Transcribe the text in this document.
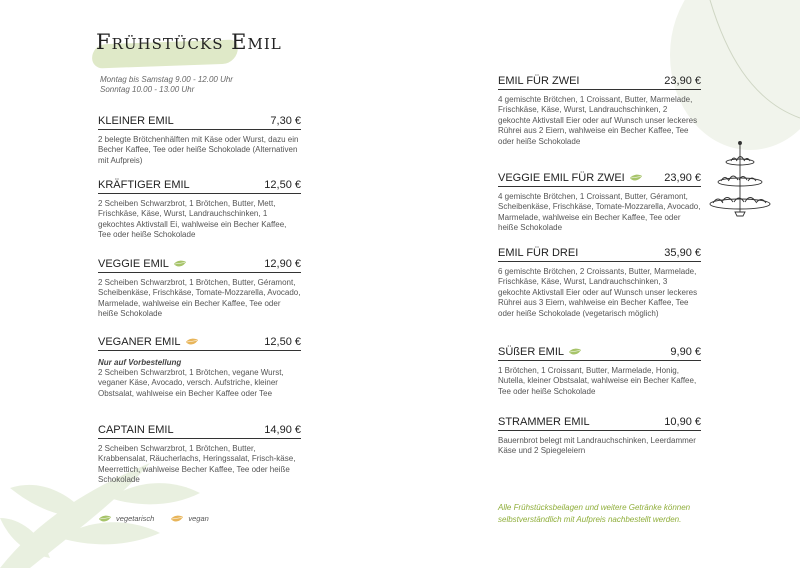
Frühstücks Emil
Montag bis Samstag 9.00 - 12.00 Uhr
Sonntag 10.00 - 13.00 Uhr
KLEINER EMIL	7,30 €
2 belegte Brötchenhälften mit Käse oder Wurst, dazu ein Becher Kaffee, Tee oder heiße Schokolade (Alternativen mit Aufpreis)
KRÄFTIGER EMIL	12,50 €
2 Scheiben Schwarzbrot, 1 Brötchen, Butter, Mett, Frischkäse, Käse, Wurst, Landrauchschinken, 1 gekochtes Aktivstall Ei, wahlweise ein Becher Kaffee, Tee oder heiße Schokolade
VEGGIE EMIL	12,90 €
2 Scheiben Schwarzbrot, 1 Brötchen, Butter, Géramont, Scheibenkäse, Frischkäse, Tomate-Mozzarella, Avocado, Marmelade, wahlweise ein Becher Kaffee, Tee oder heiße Schokolade
VEGANER EMIL	12,50 €
Nur auf Vorbestellung
2 Scheiben Schwarzbrot, 1 Brötchen, vegane Wurst, veganer Käse, Avocado, versch. Aufstriche, kleiner Obstsalat, wahlweise ein Becher Kaffee oder Tee
CAPTAIN EMIL	14,90 €
2 Scheiben Schwarzbrot, 1 Brötchen, Butter, Krabbensalat, Räucherlachs, Heringssalat, Frisch-käse, Meerrettich, wahlweise Becher Kaffee, Tee oder heiße Schokolade
EMIL FÜR ZWEI	23,90 €
4 gemischte Brötchen, 1 Croissant, Butter, Marmelade, Frischkäse, Käse, Wurst, Landrauchschinken, 2 gekochte Aktivstall Eier oder auf Wunsch unser leckeres Rührei aus 2 Eiern, wahlweise ein Becher Kaffee, Tee oder heiße Schokolade
VEGGIE EMIL FÜR ZWEI	23,90 €
4 gemischte Brötchen, 1 Croissant, Butter, Géramont, Scheibenkäse, Frischkäse, Tomate-Mozzarella, Avocado, Marmelade, wahlweise ein Becher Kaffee, Tee oder heiße Schokolade
EMIL FÜR DREI	35,90 €
6 gemischte Brötchen, 2 Croissants, Butter, Marmelade, Frischkäse, Käse, Wurst, Landrauchschinken, 3 gekochte Aktivstall Eier oder auf Wunsch unser leckeres Rührei aus 3 Eiern, wahlweise ein Becher Kaffee, Tee oder heiße Schokolade (vegetarisch möglich)
SÜßER EMIL	9,90 €
1 Brötchen, 1 Croissant, Butter, Marmelade, Honig, Nutella, kleiner Obstsalat, wahlweise ein Becher Kaffee, Tee oder heiße Schokolade
STRAMMER EMIL	10,90 €
Bauernbrot belegt mit Landrauchschinken, Leerdammer Käse und 2 Spiegeleiern
vegetarisch	vegan
Alle Frühstücksbeilagen und weitere Getränke können selbstverständlich mit Aufpreis nachbestellt werden.
